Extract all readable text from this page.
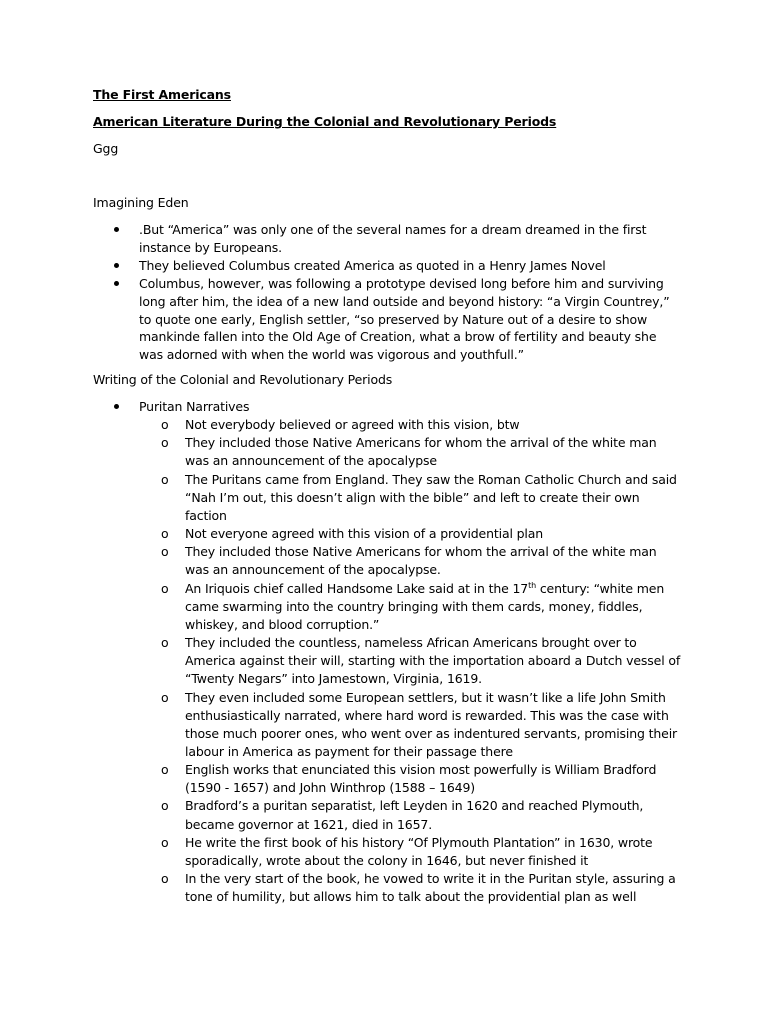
The First Americans

American Literature During the Colonial and Revolutionary Periods

Ggg

Imagining Eden

.But “America” was only one of the several names for a dream dreamed in the first instance by Europeans.
They believed Columbus created America as quoted in a Henry James Novel
Columbus, however, was following a prototype devised long before him and surviving long after him, the idea of a new land outside and beyond history: “a Virgin Countrey,” to quote one early, English settler, “so preserved by Nature out of a desire to show mankinde fallen into the Old Age of Creation, what a brow of fertility and beauty she was adorned with when the world was vigorous and youthfull.”

Writing of the Colonial and Revolutionary Periods

Puritan Narratives
o Not everybody believed or agreed with this vision, btw
o They included those Native Americans for whom the arrival of the white man was an announcement of the apocalypse
o The Puritans came from England. They saw the Roman Catholic Church and said “Nah I’m out, this doesn’t align with the bible” and left to create their own faction
o Not everyone agreed with this vision of a providential plan
o They included those Native Americans for whom the arrival of the white man was an announcement of the apocalypse.
o An Iriquois chief called Handsome Lake said at in the 17th century: “white men came swarming into the country bringing with them cards, money, fiddles, whiskey, and blood corruption.”
o They included the countless, nameless African Americans brought over to America against their will, starting with the importation aboard a Dutch vessel of “Twenty Negars” into Jamestown, Virginia, 1619.
o They even included some European settlers, but it wasn’t like a life John Smith enthusiastically narrated, where hard word is rewarded. This was the case with those much poorer ones, who went over as indentured servants, promising their labour in America as payment for their passage there
o English works that enunciated this vision most powerfully is William Bradford (1590 - 1657) and John Winthrop (1588 – 1649)
o Bradford’s a puritan separatist, left Leyden in 1620 and reached Plymouth, became governor at 1621, died in 1657.
o He write the first book of his history “Of Plymouth Plantation” in 1630, wrote sporadically, wrote about the colony in 1646, but never finished it
o In the very start of the book, he vowed to write it in the Puritan style, assuring a tone of humility, but allows him to talk about the providential plan as well
